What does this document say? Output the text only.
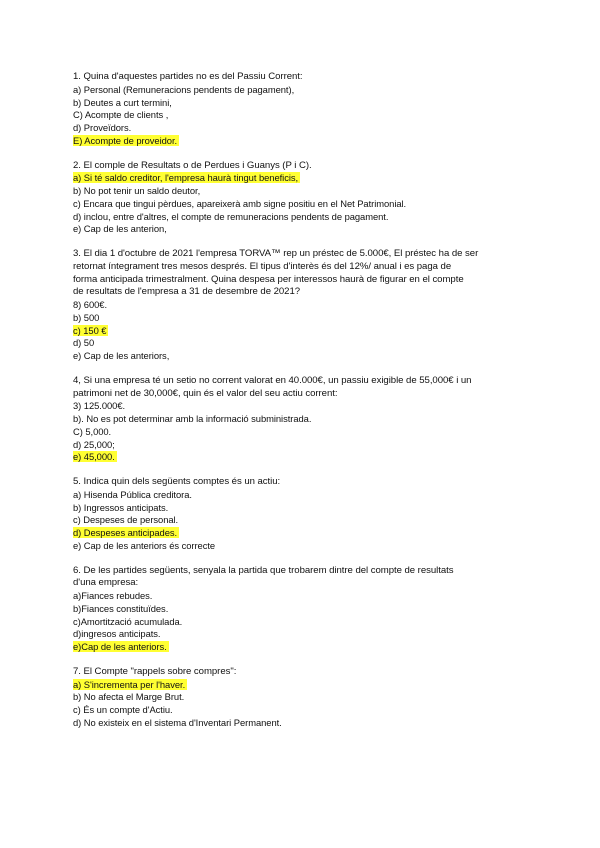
1. Quina d'aquestes partides no es del Passiu Corrent:
a) Personal (Remuneracions pendents de pagament),
b) Deutes a curt termini,
C) Acompte de clients ,
d) Proveïdors.
E) Acompte de proveidor.
2. El comple de Resultats o de Perdues i Guanys (P i C).
a) Si té saldo creditor, l'empresa haurà tingut beneficis,
b) No pot tenir un saldo deutor,
c) Encara que tingui pèrdues, apareixerà amb signe positiu en el Net Patrimonial.
d) inclou, entre d'altres, el compte de remuneracions pendents de pagament.
e) Cap de les anterion,
3. El dia 1 d'octubre de 2021 l'empresa TORVA™ rep un préstec de 5.000€, El préstec ha de ser
retornat íntegrament tres mesos després. El tipus d'interès és del 12%/ anual i es paga de
forma anticipada trimestralment. Quina despesa per interessos haurà de figurar en el compte
de resultats de l'empresa a 31 de desembre de 2021?
8) 600€.
b) 500
c) 150 €
d) 50
e) Cap de les anteriors,
4, Si una empresa té un setio no corrent valorat en 40.000€, un passiu exigible de 55,000€ i un
patrimoni net de 30,000€, quin és el valor del seu actiu corrent:
3) 125.000€.
b). No es pot determinar amb la informació subministrada.
C) 5,000.
d) 25,000;
e) 45,000.
5. Indica quin dels següents comptes és un actiu:
a) Hisenda Pública creditora.
b) Ingressos anticipats.
c) Despeses de personal.
d) Despeses anticipades.
e) Cap de les anteriors és correcte
6. De les partides següents, senyala la partida que trobarem dintre del compte de resultats
d'una empresa:
a)Fiances rebudes.
b)Fiances constituïdes.
c)Amortització acumulada.
d)ingresos anticipats.
e)Cap de les anteriors.
7. El Compte "rappels sobre compres":
a) S'incrementa per l'haver.
b) No afecta el Marge Brut.
c) És un compte d'Actiu.
d) No existeix en el sistema d'Inventari Permanent.
